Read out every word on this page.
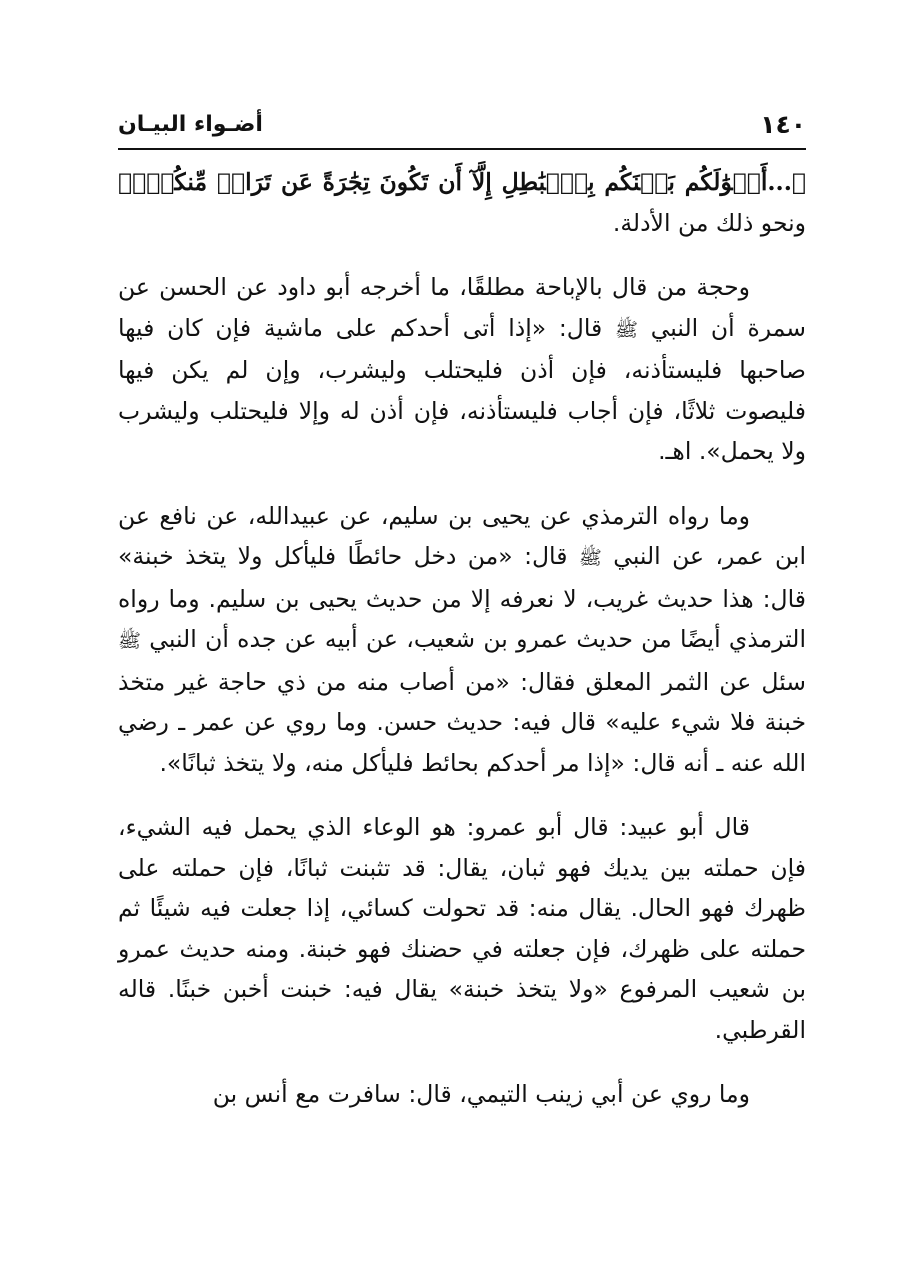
١٤٠
أضـواء البيـان

﴿...أَمۡوَٰلَكُم بَيۡنَكُم بِٱلۡبَٰطِلِ إِلَّآ أَن تَكُونَ تِجَٰرَةً عَن تَرَاضٖ مِّنكُمۡۚ﴾ ونحو ذلك من الأدلة.

وحجة من قال بالإباحة مطلقًا، ما أخرجه أبو داود عن الحسن عن سمرة أن النبي ﷺ قال: «إذا أتى أحدكم على ماشية فإن كان فيها صاحبها فليستأذنه، فإن أذن فليحتلب وليشرب، وإن لم يكن فيها فليصوت ثلاثًا، فإن أجاب فليستأذنه، فإن أذن له وإلا فليحتلب وليشرب ولا يحمل». اهـ.

وما رواه الترمذي عن يحيى بن سليم، عن عبيدالله، عن نافع عن ابن عمر، عن النبي ﷺ قال: «من دخل حائطًا فليأكل ولا يتخذ خبنة» قال: هذا حديث غريب، لا نعرفه إلا من حديث يحيى بن سليم. وما رواه الترمذي أيضًا من حديث عمرو بن شعيب، عن أبيه عن جده أن النبي ﷺ سئل عن الثمر المعلق فقال: «من أصاب منه من ذي حاجة غير متخذ خبنة فلا شيء عليه» قال فيه: حديث حسن. وما روي عن عمر ـ رضي الله عنه ـ أنه قال: «إذا مر أحدكم بحائط فليأكل منه، ولا يتخذ ثبانًا».

قال أبو عبيد: قال أبو عمرو: هو الوعاء الذي يحمل فيه الشيء، فإن حملته بين يديك فهو ثبان، يقال: قد تثبنت ثبانًا، فإن حملته على ظهرك فهو الحال. يقال منه: قد تحولت كسائي، إذا جعلت فيه شيئًا ثم حملته على ظهرك، فإن جعلته في حضنك فهو خبنة. ومنه حديث عمرو بن شعيب المرفوع «ولا يتخذ خبنة» يقال فيه: خبنت أخبن خبنًا. قاله القرطبي.

وما روي عن أبي زينب التيمي، قال: سافرت مع أنس بن
